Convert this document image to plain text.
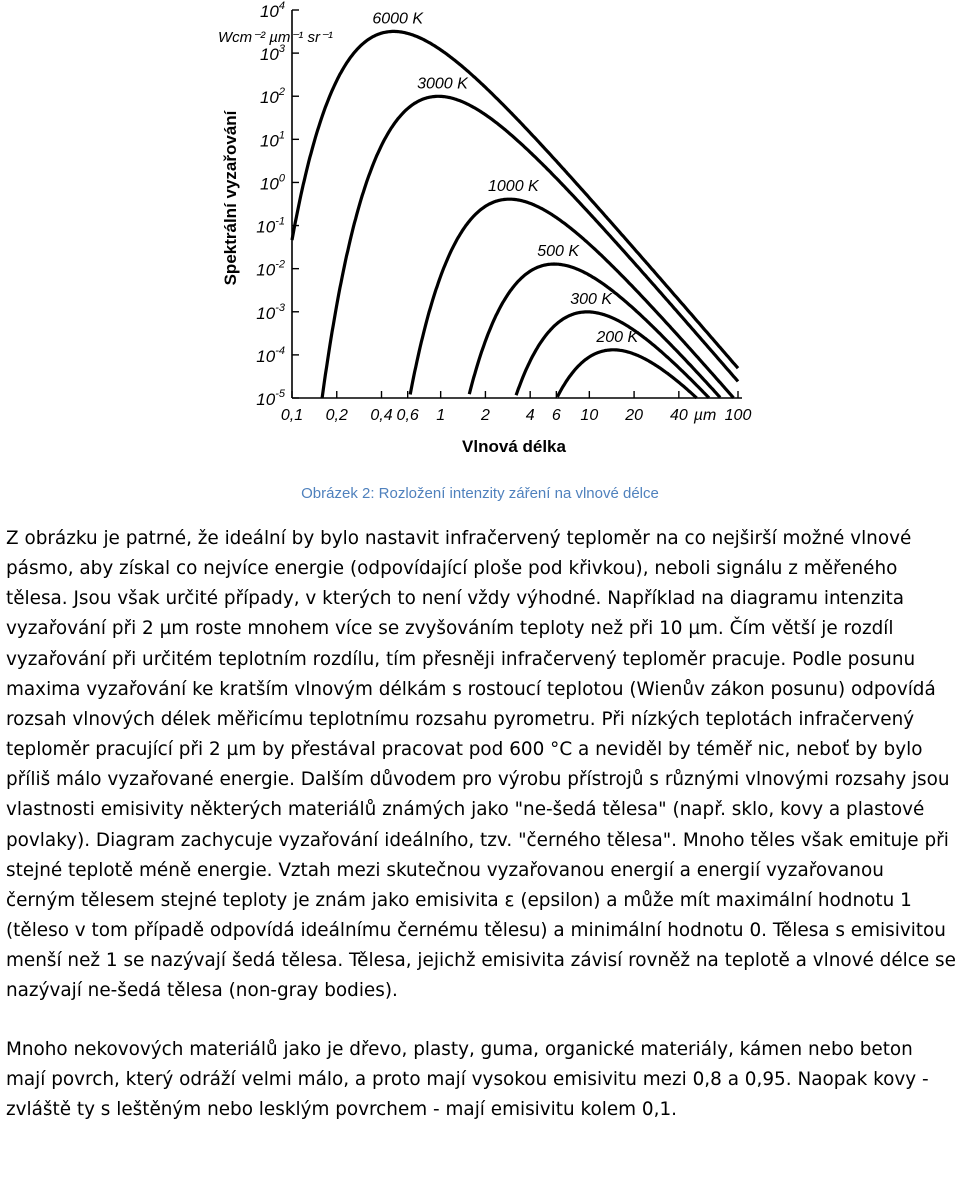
$10^4$
$10^3$
$10^2$
$10^1$
$10^0$
$10^{-1}$
$10^{-2}$
$10^{-3}$
$10^{-4}$
$10^{-5}$
0,1 0,2 0,4 0,6 1 2 4 6 10 20 40 100
µm
6000 K
3000 K
1000 K
500 K
300 K
200 K
Spektrální vyzařování
Vlnová délka
Wcm⁻² µm⁻¹ sr⁻¹
Obrázek 2: Rozložení intenzity záření na vlnové délce

Z obrázku je patrné, že ideální by bylo nastavit infračervený teploměr na co nejširší možné vlnové pásmo, aby získal co nejvíce energie (odpovídající ploše pod křivkou), neboli signálu z měřeného tělesa. Jsou však určité případy, v kterých to není vždy výhodné. Například na diagramu intenzita vyzařování při 2 µm roste mnohem více se zvyšováním teploty než při 10 µm. Čím větší je rozdíl vyzařování při určitém teplotním rozdílu, tím přesněji infračervený teploměr pracuje. Podle posunu maxima vyzařování ke kratším vlnovým délkám s rostoucí teplotou (Wienův zákon posunu) odpovídá rozsah vlnových délek měřicímu teplotnímu rozsahu pyrometru. Při nízkých teplotách infračervený teploměr pracující při 2 µm by přestával pracovat pod 600 °C a neviděl by téměř nic, neboť by bylo příliš málo vyzařované energie. Dalším důvodem pro výrobu přístrojů s různými vlnovými rozsahy jsou vlastnosti emisivity některých materiálů známých jako "ne-šedá tělesa" (např. sklo, kovy a plastové povlaky). Diagram zachycuje vyzařování ideálního, tzv. "černého tělesa". Mnoho těles však emituje při stejné teplotě méně energie. Vztah mezi skutečnou vyzařovanou energií a energií vyzařovanou černým tělesem stejné teploty je znám jako emisivita ε (epsilon) a může mít maximální hodnotu 1 (těleso v tom případě odpovídá ideálnímu černému tělesu) a minimální hodnotu 0. Tělesa s emisivitou menší než 1 se nazývají šedá tělesa. Tělesa, jejichž emisivita závisí rovněž na teplotě a vlnové délce se nazývají ne-šedá tělesa (non-gray bodies).

Mnoho nekovových materiálů jako je dřevo, plasty, guma, organické materiály, kámen nebo beton mají povrch, který odráží velmi málo, a proto mají vysokou emisivitu mezi 0,8 a 0,95. Naopak kovy - zvláště ty s leštěným nebo lesklým povrchem - mají emisivitu kolem 0,1.
